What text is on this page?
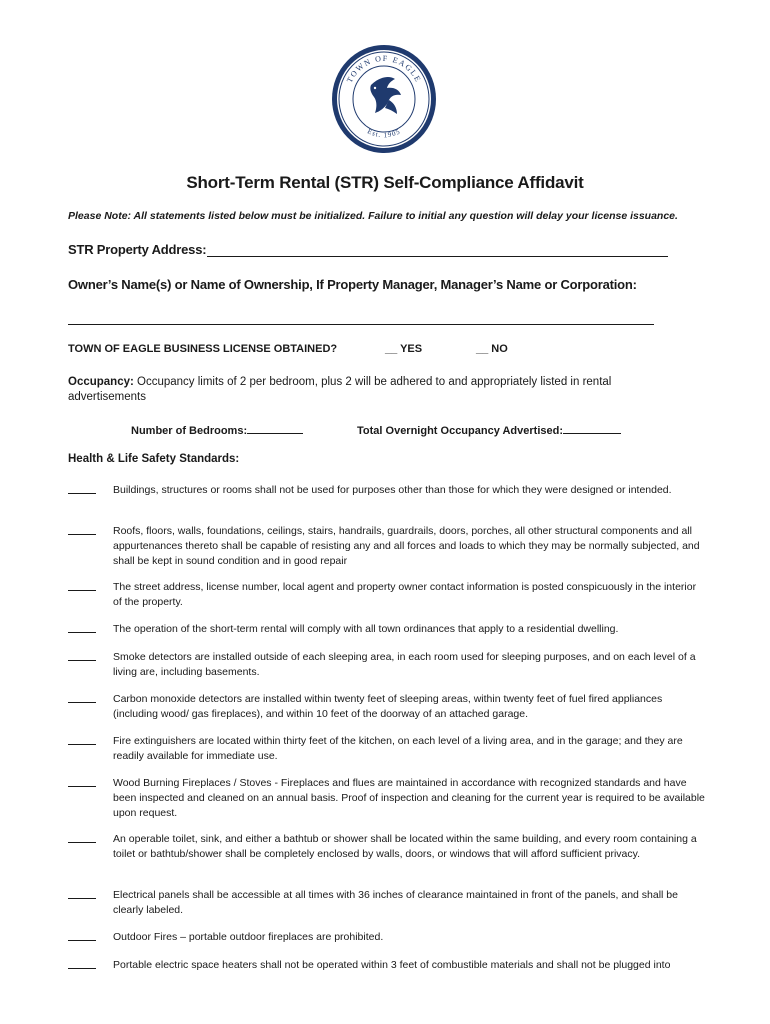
TOWN OF EAGLE
Est. 1905
Short-Term Rental (STR) Self-Compliance Affidavit
Please Note: All statements listed below must be initialized. Failure to initial any question will delay your license issuance.
STR Property Address:
Owner’s Name(s) or Name of Ownership, If Property Manager, Manager’s Name or Corporation:
TOWN OF EAGLE BUSINESS LICENSE OBTAINED?	__ YES	__ NO
Occupancy: Occupancy limits of 2 per bedroom, plus 2 will be adhered to and appropriately listed in rental advertisements
Number of Bedrooms:	Total Overnight Occupancy Advertised:
Health & Life Safety Standards:
Buildings, structures or rooms shall not be used for purposes other than those for which they were designed or intended.
Roofs, floors, walls, foundations, ceilings, stairs, handrails, guardrails, doors, porches, all other structural components and all appurtenances thereto shall be capable of resisting any and all forces and loads to which they may be normally subjected, and shall be kept in sound condition and in good repair
The street address, license number, local agent and property owner contact information is posted conspicuously in the interior of the property.
The operation of the short-term rental will comply with all town ordinances that apply to a residential dwelling.
Smoke detectors are installed outside of each sleeping area, in each room used for sleeping purposes, and on each level of a living are, including basements.
Carbon monoxide detectors are installed within twenty feet of sleeping areas, within twenty feet of fuel fired appliances (including wood/ gas fireplaces), and within 10 feet of the doorway of an attached garage.
Fire extinguishers are located within thirty feet of the kitchen, on each level of a living area, and in the garage; and they are readily available for immediate use.
Wood Burning Fireplaces / Stoves - Fireplaces and flues are maintained in accordance with recognized standards and have been inspected and cleaned on an annual basis. Proof of inspection and cleaning for the current year is required to be available upon request.
An operable toilet, sink, and either a bathtub or shower shall be located within the same building, and every room containing a toilet or bathtub/shower shall be completely enclosed by walls, doors, or windows that will afford sufficient privacy.
Electrical panels shall be accessible at all times with 36 inches of clearance maintained in front of the panels, and shall be clearly labeled.
Outdoor Fires – portable outdoor fireplaces are prohibited.
Portable electric space heaters shall not be operated within 3 feet of combustible materials and shall not be plugged into
